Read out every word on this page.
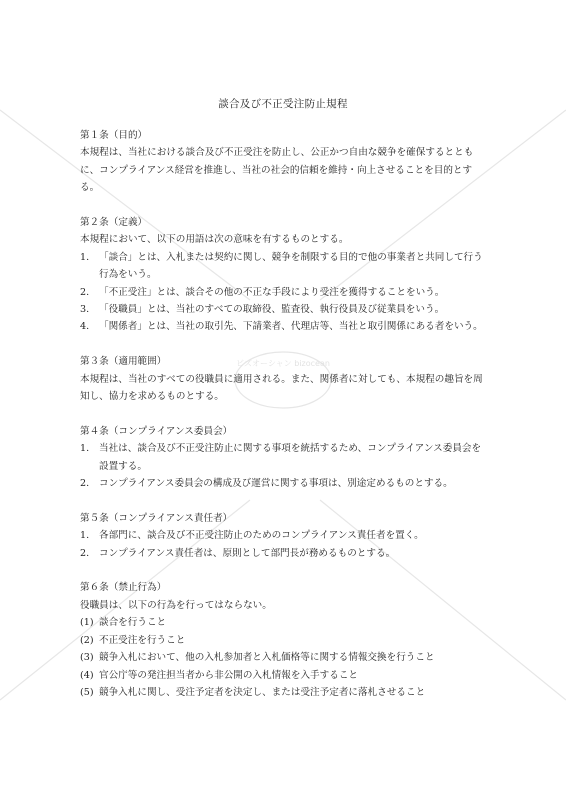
ビズオーシャン bizocean
談合及び不正受注防止規程
第１条（目的）
本規程は、当社における談合及び不正受注を防止し、公正かつ自由な競争を確保するとともに、コンプライアンス経営を推進し、当社の社会的信頼を維持・向上させることを目的とする。
第２条（定義）
本規程において、以下の用語は次の意味を有するものとする。
1.	「談合」とは、入札または契約に関し、競争を制限する目的で他の事業者と共同して行う行為をいう。
2.	「不正受注」とは、談合その他の不正な手段により受注を獲得することをいう。
3.	「役職員」とは、当社のすべての取締役、監査役、執行役員及び従業員をいう。
4.	「関係者」とは、当社の取引先、下請業者、代理店等、当社と取引関係にある者をいう。
第３条（適用範囲）
本規程は、当社のすべての役職員に適用される。また、関係者に対しても、本規程の趣旨を周知し、協力を求めるものとする。
第４条（コンプライアンス委員会）
1.	当社は、談合及び不正受注防止に関する事項を統括するため、コンプライアンス委員会を設置する。
2.	コンプライアンス委員会の構成及び運営に関する事項は、別途定めるものとする。
第５条（コンプライアンス責任者）
1.	各部門に、談合及び不正受注防止のためのコンプライアンス責任者を置く。
2.	コンプライアンス責任者は、原則として部門長が務めるものとする。
第６条（禁止行為）
役職員は、以下の行為を行ってはならない。
(1) 談合を行うこと
(2) 不正受注を行うこと
(3) 競争入札において、他の入札参加者と入札価格等に関する情報交換を行うこと
(4) 官公庁等の発注担当者から非公開の入札情報を入手すること
(5) 競争入札に関し、受注予定者を決定し、または受注予定者に落札させること
